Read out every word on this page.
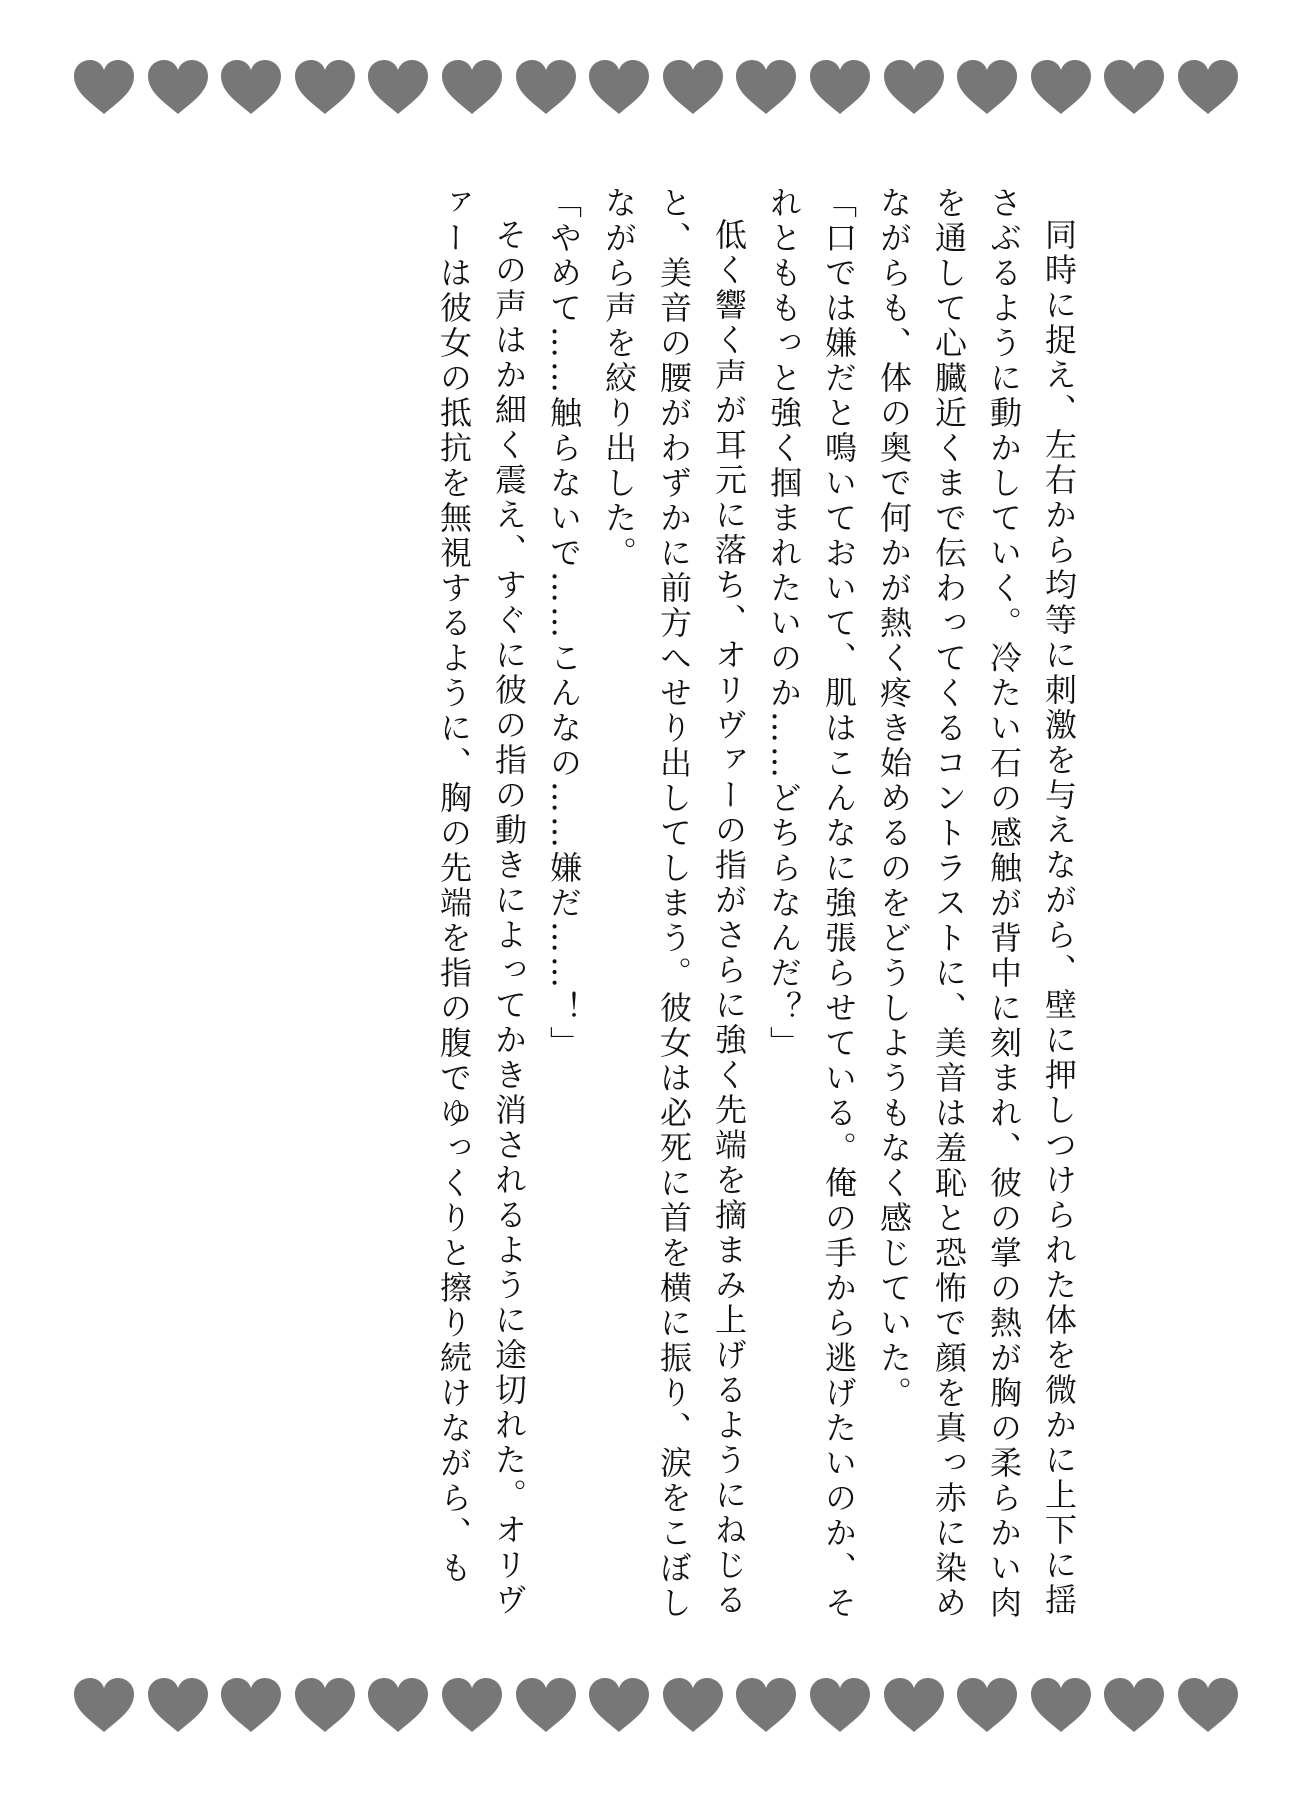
同時に捉え、左右から均等に刺激を与えながら、壁に押しつけられた体を微かに上下に揺さぶるように動かしていく。冷たい石の感触が背中に刻まれ、彼の掌の熱が胸の柔らかい肉を通して心臓近くまで伝わってくるコントラストに、美音は羞恥と恐怖で顔を真っ赤に染めながらも、体の奥で何かが熱く疼き始めるのをどうしようもなく感じていた。

「口では嫌だと鳴いておいて、肌はこんなに強張らせている。俺の手から逃げたいのか、それとももっと強く掴まれたいのか……どちらなんだ？」

低く響く声が耳元に落ち、オリヴァーの指がさらに強く先端を摘まみ上げるようにねじると、美音の腰がわずかに前方へせり出してしまう。彼女は必死に首を横に振り、涙をこぼしながら声を絞り出した。

「やめて……触らないで……こんなの……嫌だ……！」

その声はか細く震え、すぐに彼の指の動きによってかき消されるように途切れた。オリヴァーは彼女の抵抗を無視するように、胸の先端を指の腹でゆっくりと擦り続けながら、も
